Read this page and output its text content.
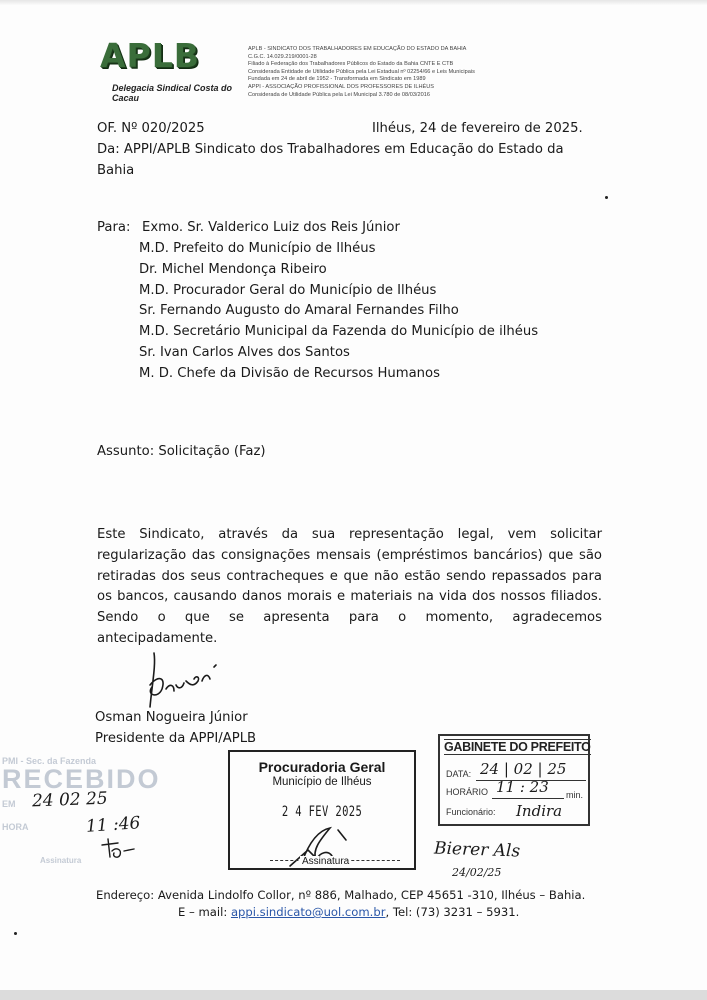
APLB
Delegacia Sindical Costa do Cacau
APLB - SINDICATO DOS TRABALHADORES EM EDUCAÇÃO DO ESTADO DA BAHIA
C.G.C. 14.029.219/0001-28
Filiado à Federação dos Trabalhadores Públicos do Estado da Bahia CNTE E CTB
Considerada Entidade de Utilidade Pública pela Lei Estadual nº 02254/66 e Leis Municipais
Fundada em 24 de abril de 1952 - Transformada em Sindicato em 1989
APPI - ASSOCIAÇÃO PROFISSIONAL DOS PROFESSORES DE ILHÉUS
Considerada de Utilidade Pública pela Lei Municipal 3.780 de 08/03/2016
OF. Nº 020/2025	Ilhéus, 24 de fevereiro de 2025.
Da: APPI/APLB Sindicato dos Trabalhadores em Educação do Estado da
Bahia
Para: Exmo. Sr. Valderico Luiz dos Reis Júnior
M.D. Prefeito do Município de Ilhéus
Dr. Michel Mendonça Ribeiro
M.D. Procurador Geral do Município de Ilhéus
Sr. Fernando Augusto do Amaral Fernandes Filho
M.D. Secretário Municipal da Fazenda do Município de ilhéus
Sr. Ivan Carlos Alves dos Santos
M. D. Chefe da Divisão de Recursos Humanos
Assunto: Solicitação (Faz)
Este Sindicato, através da sua representação legal, vem solicitar
regularização das consignações mensais (empréstimos bancários) que são
retiradas dos seus contracheques e que não estão sendo repassados para
os bancos, causando danos morais e materiais na vida dos nossos filiados.
Sendo o que se apresenta para o momento, agradecemos
antecipadamente.
Osman Nogueira Júnior
Presidente da APPI/APLB
PMI - Sec. da Fazenda
RECEBIDO
EM
HORA
Assinatura
24 02 25
11 :46
Procuradoria Geral
Município de Ilhéus
2 4 FEV 2025
Assinatura
GABINETE DO PREFEITO
DATA: 24 | 02 | 25
HORÁRIO 11 : 23 min.
Funcionário: Indira
Bierer Als
24/02/25
Endereço: Avenida Lindolfo Collor, nº 886, Malhado, CEP 45651 -310, Ilhéus – Bahia.
E – mail: appi.sindicato@uol.com.br, Tel: (73) 3231 – 5931.
